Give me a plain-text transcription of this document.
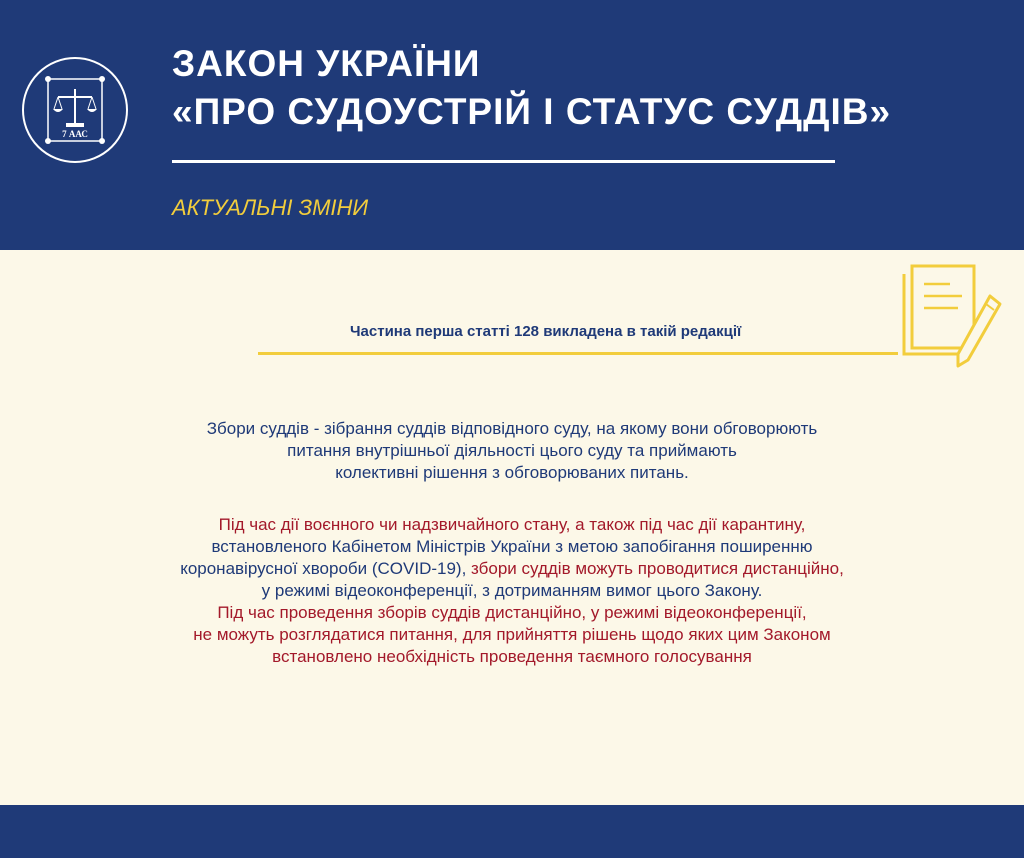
7 ААС
ЗАКОН УКРАЇНИ
«ПРО СУДОУСТРІЙ І СТАТУС СУДДІВ»
АКТУАЛЬНІ ЗМІНИ
Частина перша статті 128 викладена в такій редакції

Збори суддів - зібрання суддів відповідного суду, на якому вони обговорюють
питання внутрішньої діяльності цього суду та приймають
колективні рішення з обговорюваних питань.

Під час дії воєнного чи надзвичайного стану, а також під час дії карантину,
встановленого Кабінетом Міністрів України з метою запобігання поширенню
коронавірусної хвороби (COVID-19), збори суддів можуть проводитися дистанційно,
у режимі відеоконференції, з дотриманням вимог цього Закону.
Під час проведення зборів суддів дистанційно, у режимі відеоконференції,
не можуть розглядатися питання, для прийняття рішень щодо яких цим Законом
встановлено необхідність проведення таємного голосування
